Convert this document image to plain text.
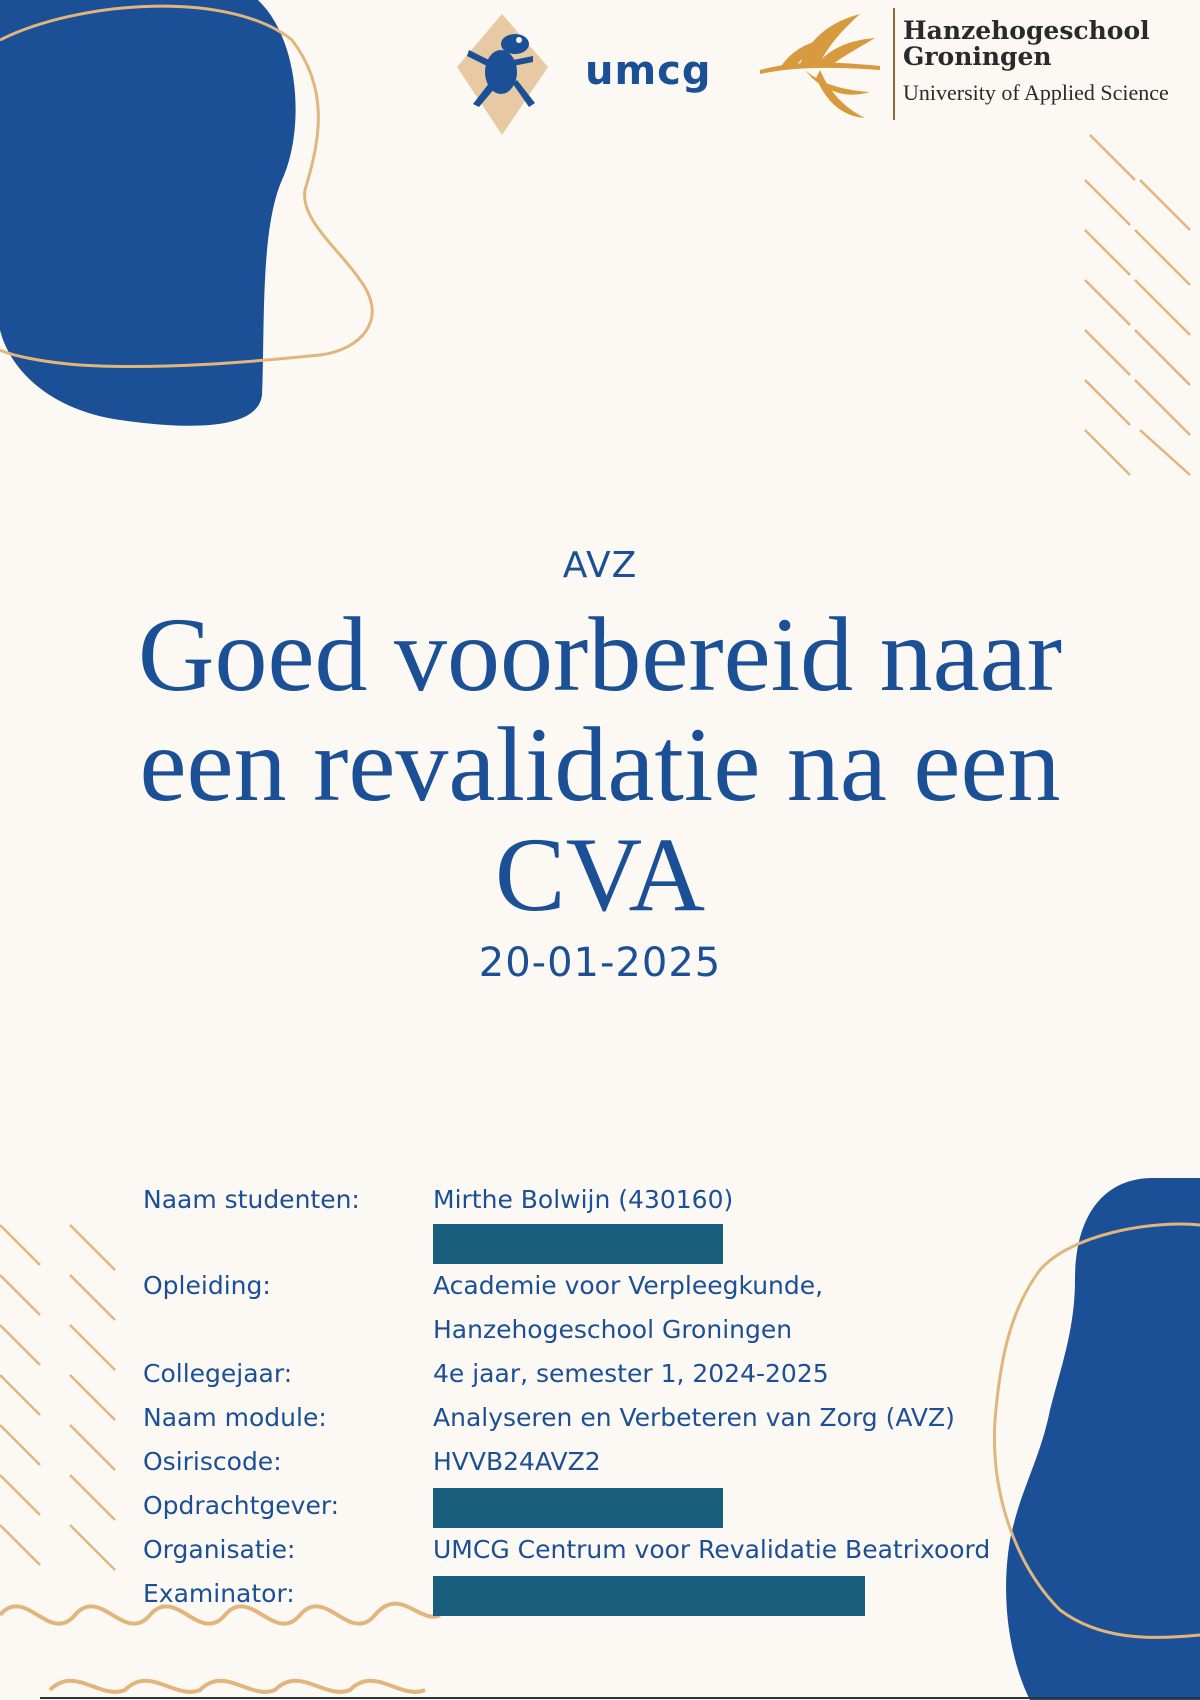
umcg
Hanzehogeschool
Groningen
University of Applied Science
AVZ
Goed voorbereid naar
een revalidatie na een
CVA
20-01-2025
Naam studenten:	Mirthe Bolwijn (430160)
Opleiding:	Academie voor Verpleegkunde,
Hanzehogeschool Groningen
Collegejaar:	4e jaar, semester 1, 2024-2025
Naam module:	Analyseren en Verbeteren van Zorg (AVZ)
Osiriscode:	HVVB24AVZ2
Opdrachtgever:
Organisatie:	UMCG Centrum voor Revalidatie Beatrixoord
Examinator:
